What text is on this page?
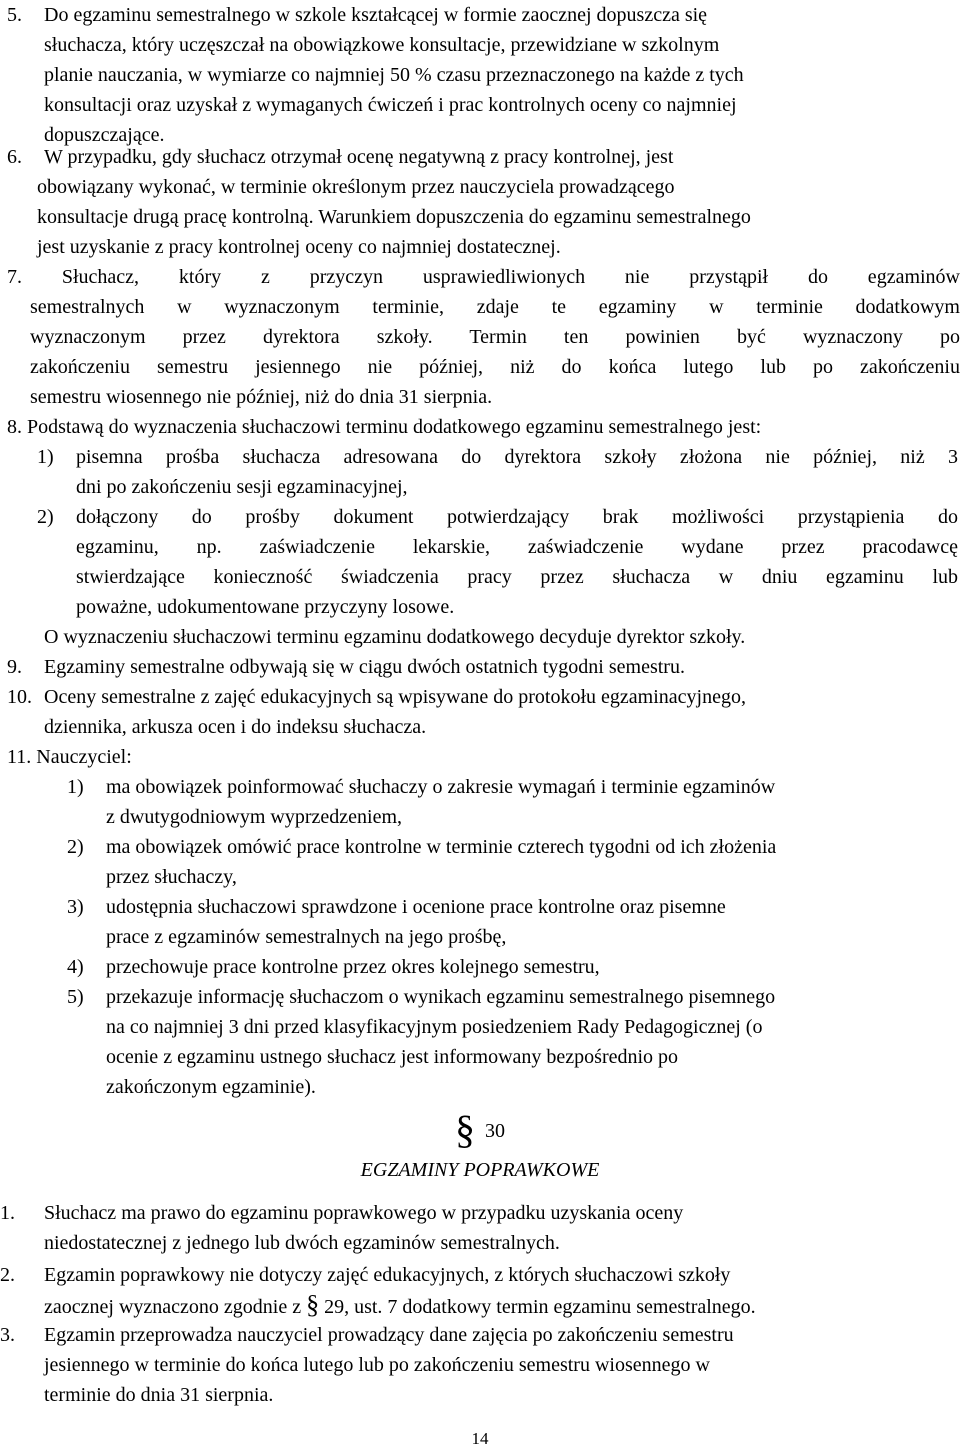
5. Do egzaminu semestralnego w szkole kształcącej w formie zaocznej dopuszcza się
słuchacza, który uczęszczał na obowiązkowe konsultacje, przewidziane w szkolnym
planie nauczania, w wymiarze co najmniej 50 % czasu przeznaczonego na każde z tych
konsultacji oraz uzyskał z wymaganych ćwiczeń i prac kontrolnych oceny co najmniej
dopuszczające.
6. W przypadku, gdy słuchacz otrzymał ocenę negatywną z pracy kontrolnej, jest
obowiązany wykonać, w terminie określonym przez nauczyciela prowadzącego
konsultacje drugą pracę kontrolną. Warunkiem dopuszczenia do egzaminu semestralnego
jest uzyskanie z pracy kontrolnej oceny co najmniej dostatecznej.
7. Słuchacz, który z przyczyn usprawiedliwionych nie przystąpił do egzaminów
semestralnych w wyznaczonym terminie, zdaje te egzaminy w terminie dodatkowym
wyznaczonym przez dyrektora szkoły. Termin ten powinien być wyznaczony po
zakończeniu semestru jesiennego nie później, niż do końca lutego lub po zakończeniu
semestru wiosennego nie później, niż do dnia 31 sierpnia.
8. Podstawą do wyznaczenia słuchaczowi terminu dodatkowego egzaminu semestralnego jest:
1) pisemna prośba słuchacza adresowana do dyrektora szkoły złożona nie później, niż 3
dni po zakończeniu sesji egzaminacyjnej,
2) dołączony do prośby dokument potwierdzający brak możliwości przystąpienia do
egzaminu, np. zaświadczenie lekarskie, zaświadczenie wydane przez pracodawcę
stwierdzające konieczność świadczenia pracy przez słuchacza w dniu egzaminu lub
poważne, udokumentowane przyczyny losowe.
O wyznaczeniu słuchaczowi terminu egzaminu dodatkowego decyduje dyrektor szkoły.
9. Egzaminy semestralne odbywają się w ciągu dwóch ostatnich tygodni semestru.
10. Oceny semestralne z zajęć edukacyjnych są wpisywane do protokołu egzaminacyjnego,
dziennika, arkusza ocen i do indeksu słuchacza.
11. Nauczyciel:
1) ma obowiązek poinformować słuchaczy o zakresie wymagań i terminie egzaminów
z dwutygodniowym wyprzedzeniem,
2) ma obowiązek omówić prace kontrolne w terminie czterech tygodni od ich złożenia
przez słuchaczy,
3) udostępnia słuchaczowi sprawdzone i ocenione prace kontrolne oraz pisemne
prace z egzaminów semestralnych na jego prośbę,
4) przechowuje prace kontrolne przez okres kolejnego semestru,
5) przekazuje informację słuchaczom o wynikach egzaminu semestralnego pisemnego
na co najmniej 3 dni przed klasyfikacyjnym posiedzeniem Rady Pedagogicznej (o
ocenie z egzaminu ustnego słuchacz jest informowany bezpośrednio po
zakończonym egzaminie).
§ 30
EGZAMINY POPRAWKOWE
1. Słuchacz ma prawo do egzaminu poprawkowego w przypadku uzyskania oceny
niedostatecznej z jednego lub dwóch egzaminów semestralnych.
2. Egzamin poprawkowy nie dotyczy zajęć edukacyjnych, z których słuchaczowi szkoły
zaocznej wyznaczono zgodnie z § 29, ust. 7 dodatkowy termin egzaminu semestralnego.
3. Egzamin przeprowadza nauczyciel prowadzący dane zajęcia po zakończeniu semestru
jesiennego w terminie do końca lutego lub po zakończeniu semestru wiosennego w
terminie do dnia 31 sierpnia.
14
